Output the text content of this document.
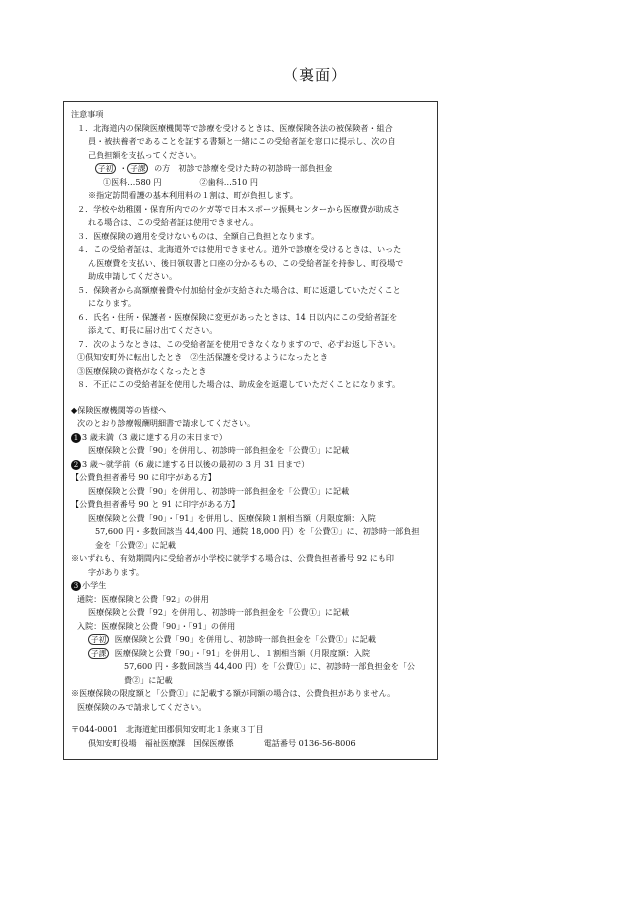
（裏面）
注意事項
１．北海道内の保険医療機関等で診療を受けるときは、医療保険各法の被保険者・組合
員・被扶養者であることを証する書類と一緒にこの受給者証を窓口に提示し、次の自
己負担額を支払ってください。
子初 ・ 子課 の方　 初診で診療を受けた時の初診時一部負担金
①医科…580 円	②歯科…510 円
※指定訪問看護の基本利用料の１割は、町が負担します。
２．学校や幼稚園・保育所内でのケガ等で日本スポーツ振興センターから医療費が助成さ
れる場合は、この受給者証は使用できません。
３．医療保険の適用を受けないものは、全額自己負担となります。
４．この受給者証は、北海道外では使用できません。道外で診療を受けるときは、いった
ん医療費を支払い、後日領収書と口座の分かるもの、この受給者証を持参し、町役場で
助成申請してください。
５．保険者から高額療養費や付加給付金が支給された場合は、町に返還していただくこと
になります。
６．氏名・住所・保護者・医療保険に変更があったときは、14 日以内にこの受給者証を
添えて、町長に届け出てください。
７．次のようなときは、この受給者証を使用できなくなりますので、必ずお返し下さい。
①倶知安町外に転出したとき　②生活保護を受けるようになったとき
③医療保険の資格がなくなったとき
８．不正にこの受給者証を使用した場合は、助成金を返還していただくことになります。
◆保険医療機関等の皆様へ
次のとおり診療報酬明細書で請求してください。
1 3 歳未満（3 歳に達する月の末日まで）
医療保険と公費「90」を併用し、初診時一部負担金を「公費①」に記載
2 3 歳～就学前（6 歳に達する日以後の最初の 3 月 31 日まで）
【公費負担者番号 90 に印字がある方】
医療保険と公費「90」を併用し、初診時一部負担金を「公費①」に記載
【公費負担者番号 90 と 91 に印字がある方】
医療保険と公費「90」・「91」を併用し、医療保険１割相当額（月限度額：入院
57,600 円・多数回該当 44,400 円、通院 18,000 円）を「公費①」に、初診時一部負担
金を「公費②」に記載
※いずれも、有効期間内に受給者が小学校に就学する場合は、公費負担者番号 92 にも印
字があります。
3 小学生
通院：医療保険と公費「92」の併用
医療保険と公費「92」を併用し、初診時一部負担金を「公費①」に記載
入院：医療保険と公費「90」・「91」の併用
子初 医療保険と公費「90」を併用し、初診時一部負担金を「公費①」に記載
子課 医療保険と公費「90」・「91」を併用し、１割相当額（月限度額：入院
57,600 円・多数回該当 44,400 円）を「公費①」に、初診時一部負担金を「公
費②」に記載
※医療保険の限度額と「公費①」に記載する額が同額の場合は、公費負担がありません。
医療保険のみで請求してください。
〒044-0001　北海道虻田郡倶知安町北１条東３丁目
倶知安町役場　福祉医療課　国保医療係	電話番号 0136-56-8006
